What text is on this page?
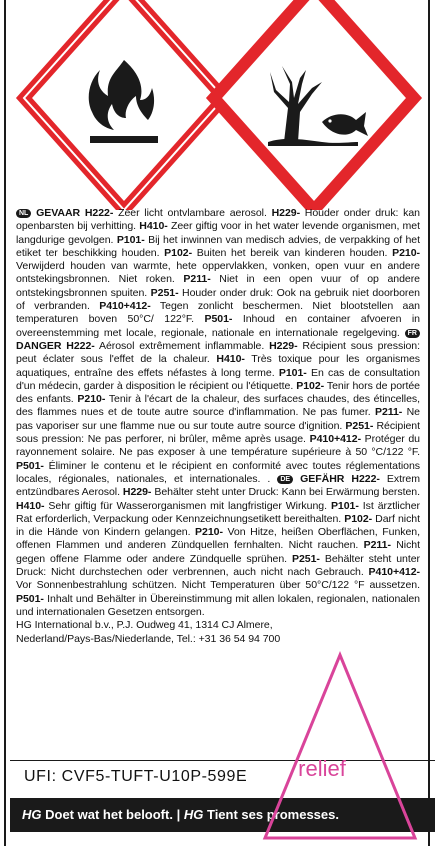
NL GEVAAR H222- Zeer licht ontvlambare aerosol. H229- Houder onder druk: kan openbarsten bij verhitting. H410- Zeer giftig voor in het water levende organismen, met langdurige gevolgen. P101- Bij het inwinnen van medisch advies, de verpakking of het etiket ter beschikking houden. P102- Buiten het bereik van kinderen houden. P210- Verwijderd houden van warmte, hete oppervlakken, vonken, open vuur en andere ontstekingsbronnen. Niet roken. P211- Niet in een open vuur of op andere ontstekingsbronnen spuiten. P251- Houder onder druk: Ook na gebruik niet doorboren of verbranden. P410+412- Tegen zonlicht beschermen. Niet blootstellen aan temperaturen boven 50°C/ 122°F. P501- Inhoud en container afvoeren in overeenstemming met locale, regionale, nationale en internationale regelgeving. FR DANGER H222- Aérosol extrêmement inflammable. H229- Récipient sous pression: peut éclater sous l'effet de la chaleur. H410- Très toxique pour les organismes aquatiques, entraîne des effets néfastes à long terme. P101- En cas de consultation d'un médecin, garder à disposition le récipient ou l'étiquette. P102- Tenir hors de portée des enfants. P210- Tenir à l'écart de la chaleur, des surfaces chaudes, des étincelles, des flammes nues et de toute autre source d'inflammation. Ne pas fumer. P211- Ne pas vaporiser sur une flamme nue ou sur toute autre source d'ignition. P251- Récipient sous pression: Ne pas perforer, ni brûler, même après usage. P410+412- Protéger du rayonnement solaire. Ne pas exposer à une température supérieure à 50 °C/122 °F. P501- Éliminer le contenu et le récipient en conformité avec toutes réglementations locales, régionales, nationales, et internationales. . DE GEFÄHR H222- Extrem entzündbares Aerosol. H229- Behälter steht unter Druck: Kann bei Erwärmung bersten. H410- Sehr giftig für Wasserorganismen mit langfristiger Wirkung. P101- Ist ärztlicher Rat erforderlich, Verpackung oder Kennzeichnungsetikett bereithalten. P102- Darf nicht in die Hände von Kindern gelangen. P210- Von Hitze, heißen Oberflächen, Funken, offenen Flammen und anderen Zündquellen fernhalten. Nicht rauchen. P211- Nicht gegen offene Flamme oder andere Zündquelle sprühen. P251- Behälter steht unter Druck: Nicht durchstechen oder verbrennen, auch nicht nach Gebrauch. P410+412- Vor Sonnenbestrahlung schützen. Nicht Temperaturen über 50°C/122 °F aussetzen. P501- Inhalt und Behälter in Übereinstimmung mit allen lokalen, regionalen, nationalen und internationalen Gesetzen entsorgen.
HG International b.v., P.J. Oudweg 41, 1314 CJ Almere,
Nederland/Pays-Bas/Niederlande, Tel.: +31 36 54 94 700
UFI: CVF5-TUFT-U10P-599E
HG Doet wat het belooft. | HG Tient ses promesses.
relief
